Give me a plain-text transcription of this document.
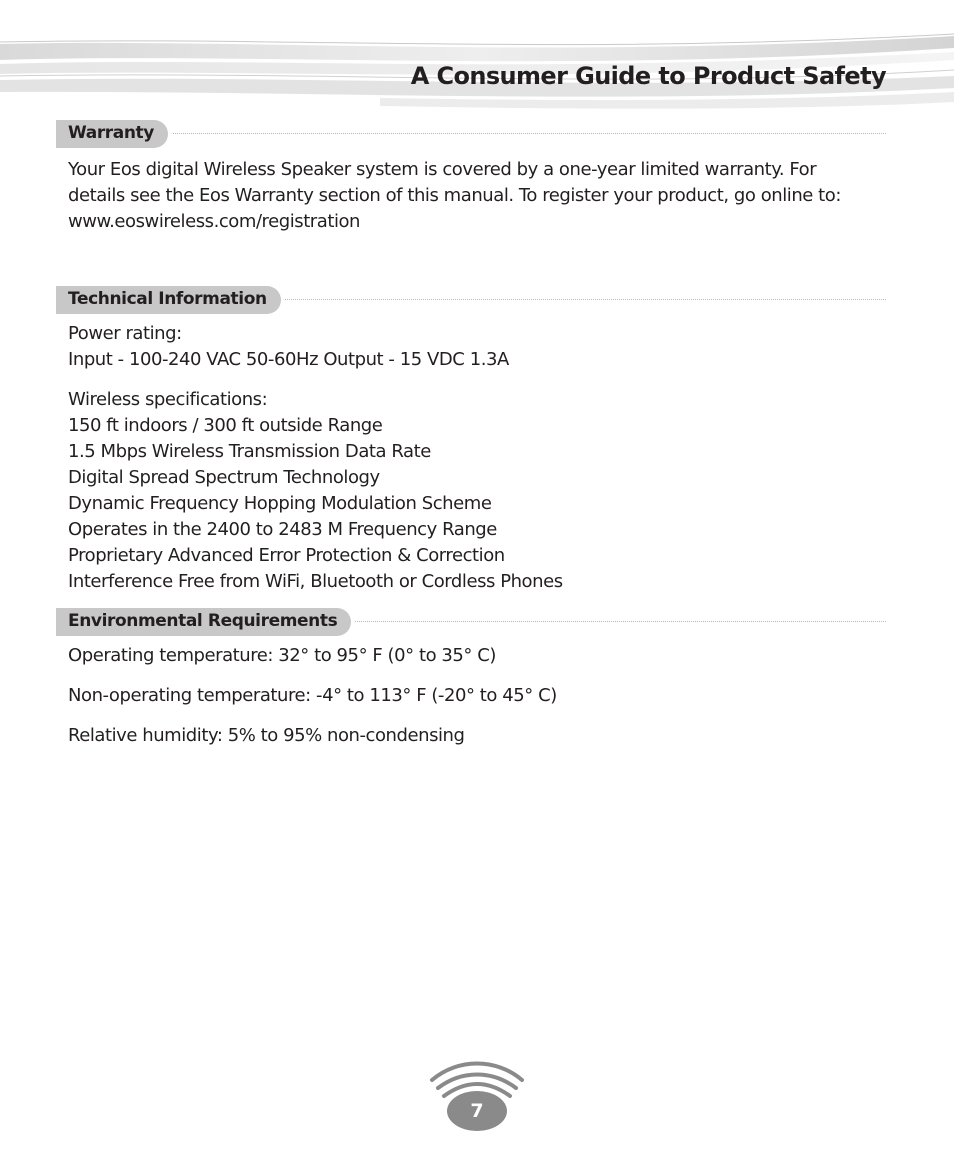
A Consumer Guide to Product Safety
Warranty

Your Eos digital Wireless Speaker system is covered by a one-year limited warranty. For

details see the Eos Warranty section of this manual. To register your product, go online to:

www.eoswireless.com/registration

Technical Information

Power rating:

Input - 100-240 VAC 50-60Hz Output - 15 VDC 1.3A

Wireless specifications:

150 ft indoors / 300 ft outside Range

1.5 Mbps Wireless Transmission Data Rate

Digital Spread Spectrum Technology

Dynamic Frequency Hopping Modulation Scheme

Operates in the 2400 to 2483 M Frequency Range

Proprietary Advanced Error Protection & Correction

Interference Free from WiFi, Bluetooth or Cordless Phones

Environmental Requirements

Operating temperature: 32° to 95° F (0° to 35° C)

Non-operating temperature: -4° to 113° F (-20° to 45° C)

Relative humidity: 5% to 95% non-condensing

7
